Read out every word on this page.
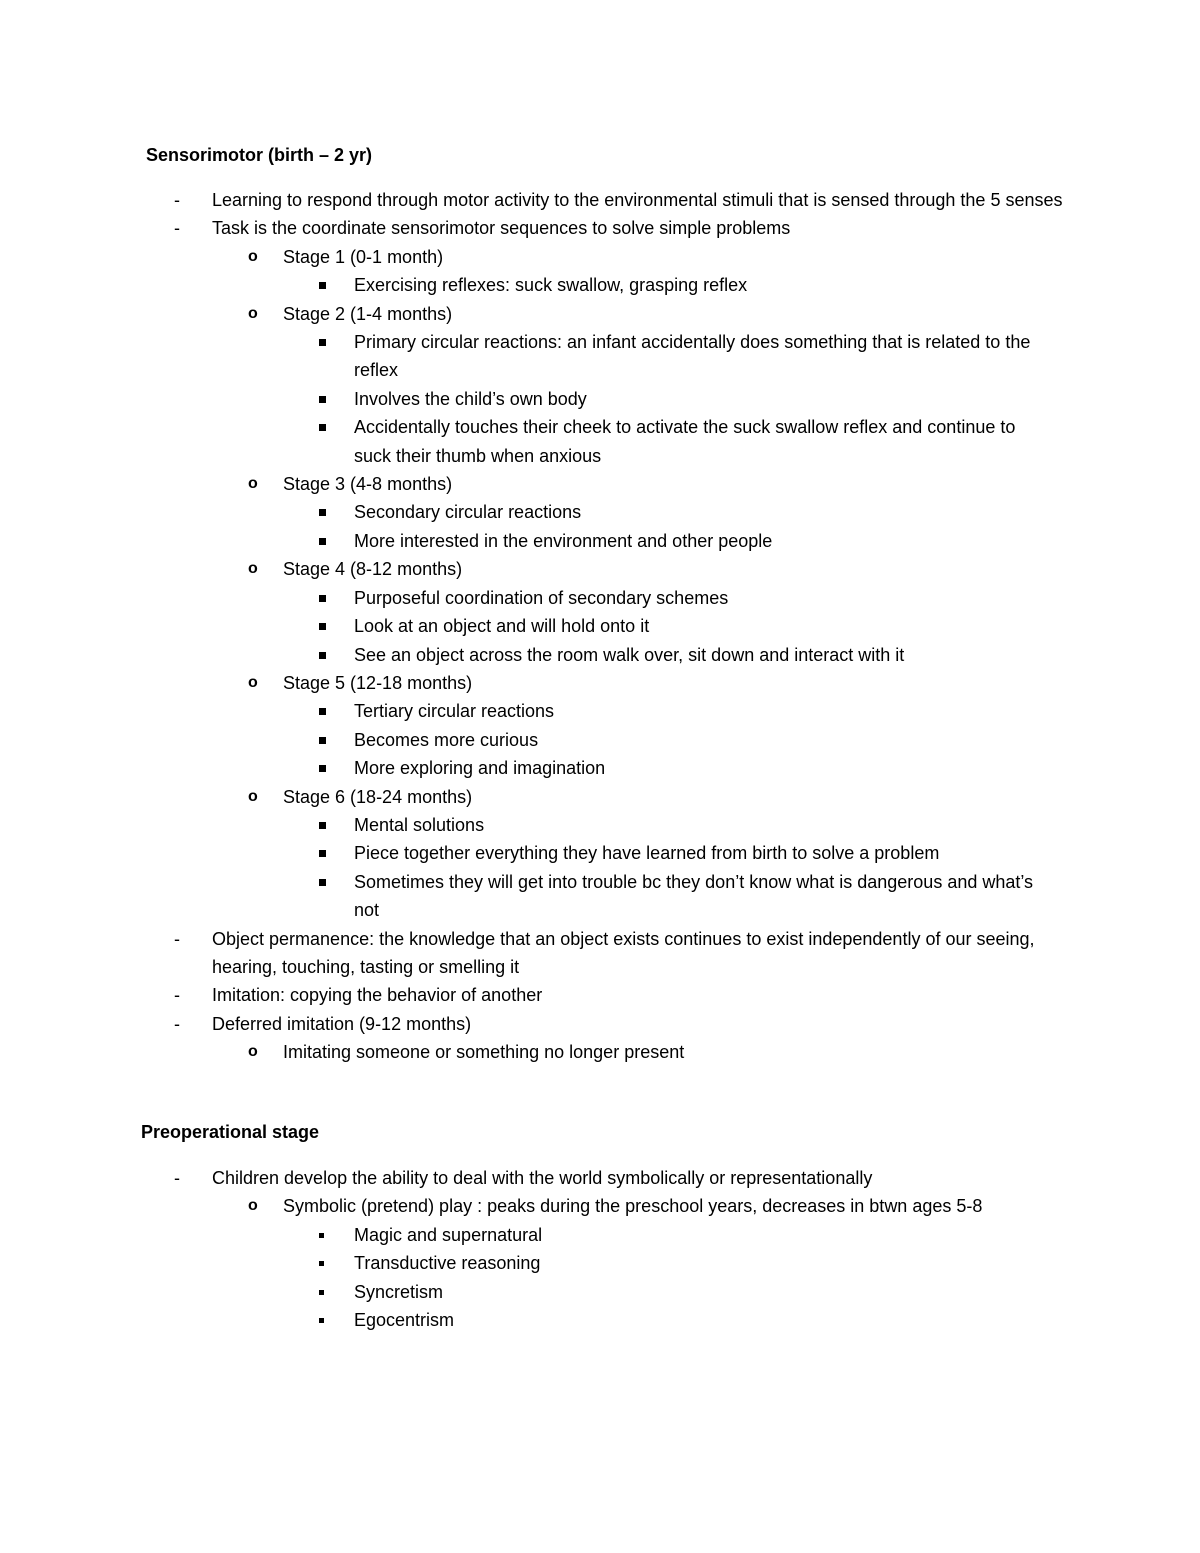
Sensorimotor (birth – 2 yr)
-	Learning to respond through motor activity to the environmental stimuli that is sensed through the 5 senses
-	Task is the coordinate sensorimotor sequences to solve simple problems
o	Stage 1 (0-1 month)
Exercising reflexes: suck swallow, grasping reflex
o	Stage 2 (1-4 months)
Primary circular reactions: an infant accidentally does something that is related to the reflex
Involves the child’s own body
Accidentally touches their cheek to activate the suck swallow reflex and continue to suck their thumb when anxious
o	Stage 3 (4-8 months)
Secondary circular reactions
More interested in the environment and other people
o	Stage 4 (8-12 months)
Purposeful coordination of secondary schemes
Look at an object and will hold onto it
See an object across the room walk over, sit down and interact with it
o	Stage 5 (12-18 months)
Tertiary circular reactions
Becomes more curious
More exploring and imagination
o	Stage 6 (18-24 months)
Mental solutions
Piece together everything they have learned from birth to solve a problem
Sometimes they will get into trouble bc they don’t know what is dangerous and what’s not
-	Object permanence: the knowledge that an object exists continues to exist independently of our seeing, hearing, touching, tasting or smelling it
-	Imitation: copying the behavior of another
-	Deferred imitation (9-12 months)
o	Imitating someone or something no longer present
Preoperational stage
-	Children develop the ability to deal with the world symbolically or representationally
o	Symbolic (pretend) play : peaks during the preschool years, decreases in btwn ages 5-8
Magic and supernatural
Transductive reasoning
Syncretism
Egocentrism
